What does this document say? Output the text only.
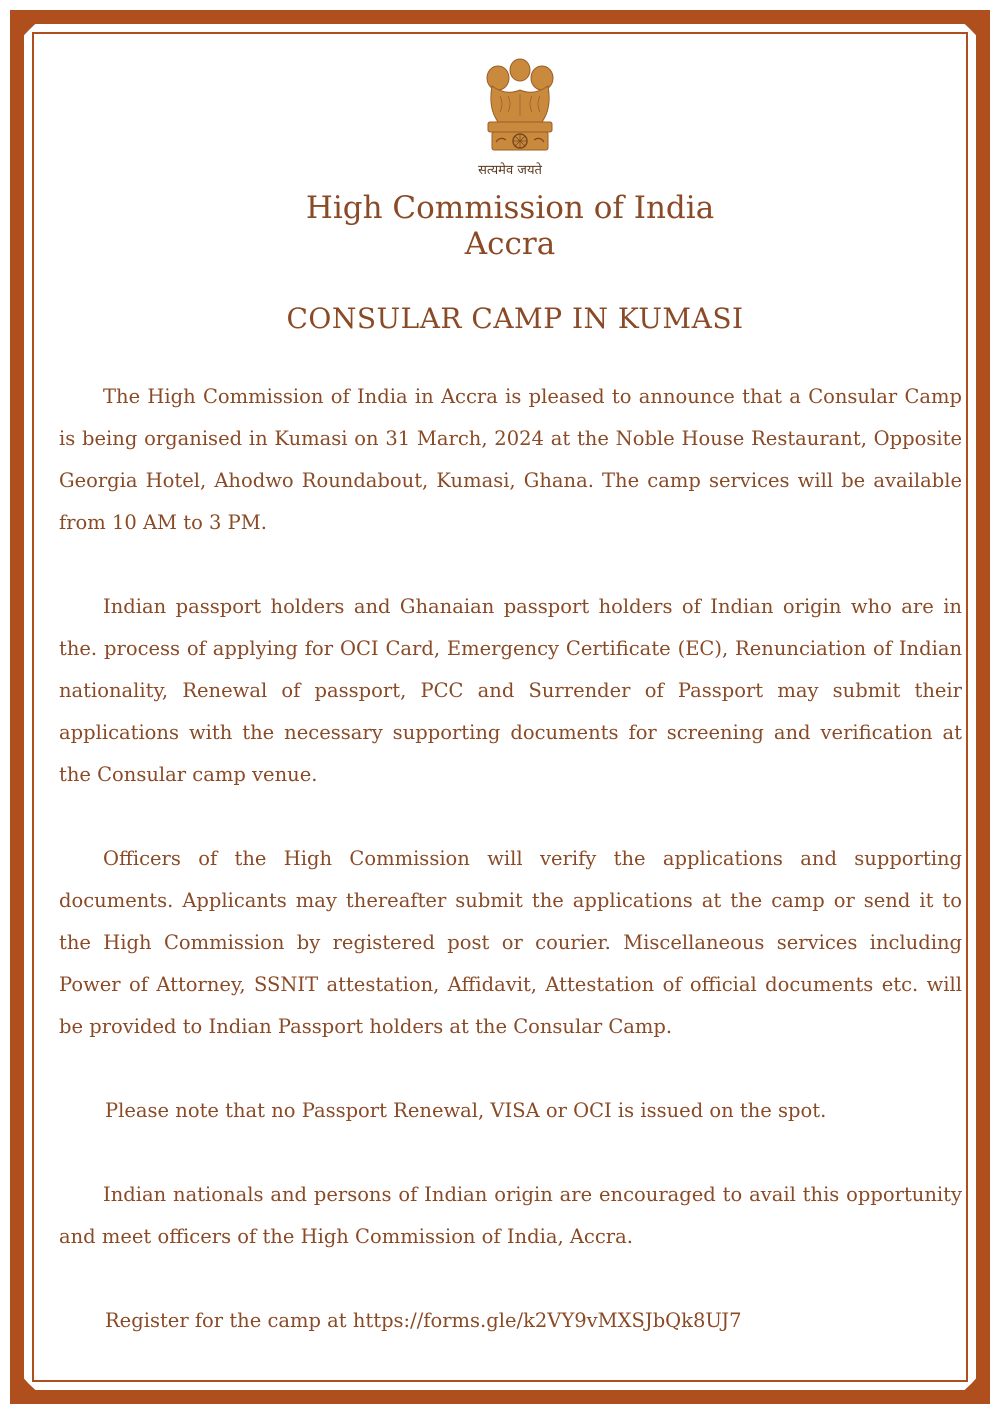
सत्यमेव जयते
High Commission of India
Accra
CONSULAR CAMP IN KUMASI

The High Commission of India in Accra is pleased to announce that a Consular Camp is being organised in Kumasi on 31 March, 2024 at the Noble House Restaurant, Opposite Georgia Hotel, Ahodwo Roundabout, Kumasi, Ghana. The camp services will be available from 10 AM to 3 PM.

Indian passport holders and Ghanaian passport holders of Indian origin who are in the. process of applying for OCI Card, Emergency Certificate (EC), Renunciation of Indian nationality, Renewal of passport, PCC and Surrender of Passport may submit their applications with the necessary supporting documents for screening and verification at the Consular camp venue.

Officers of the High Commission will verify the applications and supporting documents. Applicants may thereafter submit the applications at the camp or send it to the High Commission by registered post or courier. Miscellaneous services including Power of Attorney, SSNIT attestation, Affidavit, Attestation of official documents etc. will be provided to Indian Passport holders at the Consular Camp.

Please note that no Passport Renewal, VISA or OCI is issued on the spot.

Indian nationals and persons of Indian origin are encouraged to avail this opportunity and meet officers of the High Commission of India, Accra.

Register for the camp at https://forms.gle/k2VY9vMXSJbQk8UJ7
